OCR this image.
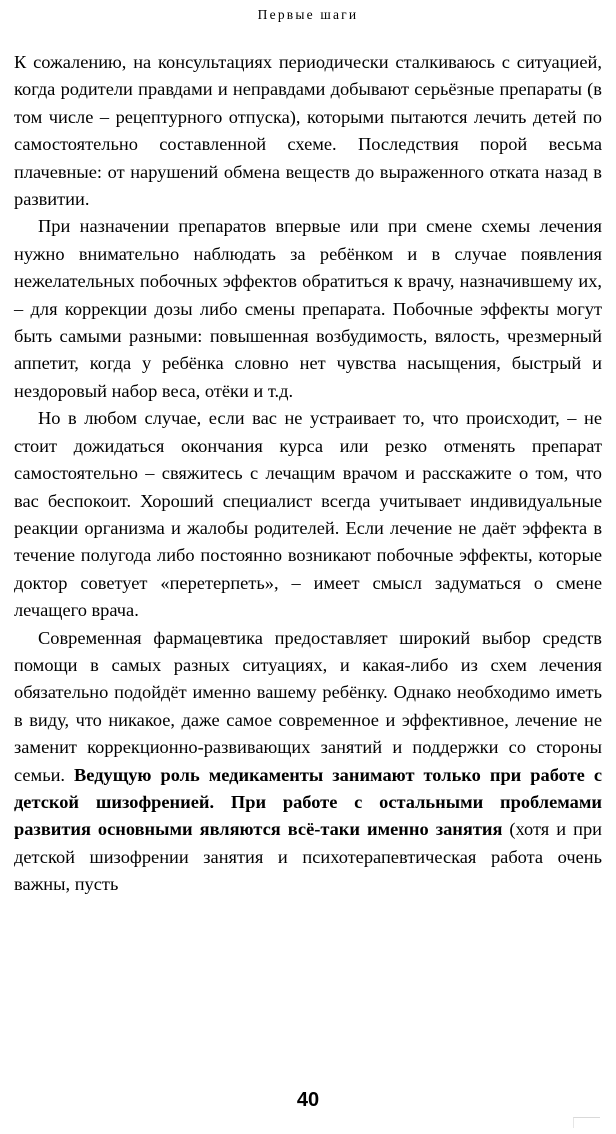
Первые шаги

К сожалению, на консультациях периодически сталкиваюсь с ситуацией, когда родители правдами и неправдами добывают серьёзные препараты (в том числе – рецептурного отпуска), которыми пытаются лечить детей по самостоятельно составленной схеме. Последствия порой весьма плачевные: от нарушений обмена веществ до выраженного отката назад в развитии.

При назначении препаратов впервые или при смене схемы лечения нужно внимательно наблюдать за ребёнком и в случае появления нежелательных побочных эффектов обратиться к врачу, назначившему их, – для коррекции дозы либо смены препарата. Побочные эффекты могут быть самыми разными: повышенная возбудимость, вялость, чрезмерный аппетит, когда у ребёнка словно нет чувства насыщения, быстрый и нездоровый набор веса, отёки и т.д.

Но в любом случае, если вас не устраивает то, что происходит, – не стоит дожидаться окончания курса или резко отменять препарат самостоятельно – свяжитесь с лечащим врачом и расскажите о том, что вас беспокоит. Хороший специалист всегда учитывает индивидуальные реакции организма и жалобы родителей. Если лечение не даёт эффекта в течение полугода либо постоянно возникают побочные эффекты, которые доктор советует «перетерпеть», – имеет смысл задуматься о смене лечащего врача.

Современная фармацевтика предоставляет широкий выбор средств помощи в самых разных ситуациях, и какая-либо из схем лечения обязательно подойдёт именно вашему ребёнку. Однако необходимо иметь в виду, что никакое, даже самое современное и эффективное, лечение не заменит коррекционно-развивающих занятий и поддержки со стороны семьи. Ведущую роль медикаменты занимают только при работе с детской шизофренией. При работе с остальными проблемами развития основными являются всё-таки именно занятия (хотя и при детской шизофрении занятия и психотерапевтическая работа очень важны, пусть

40
